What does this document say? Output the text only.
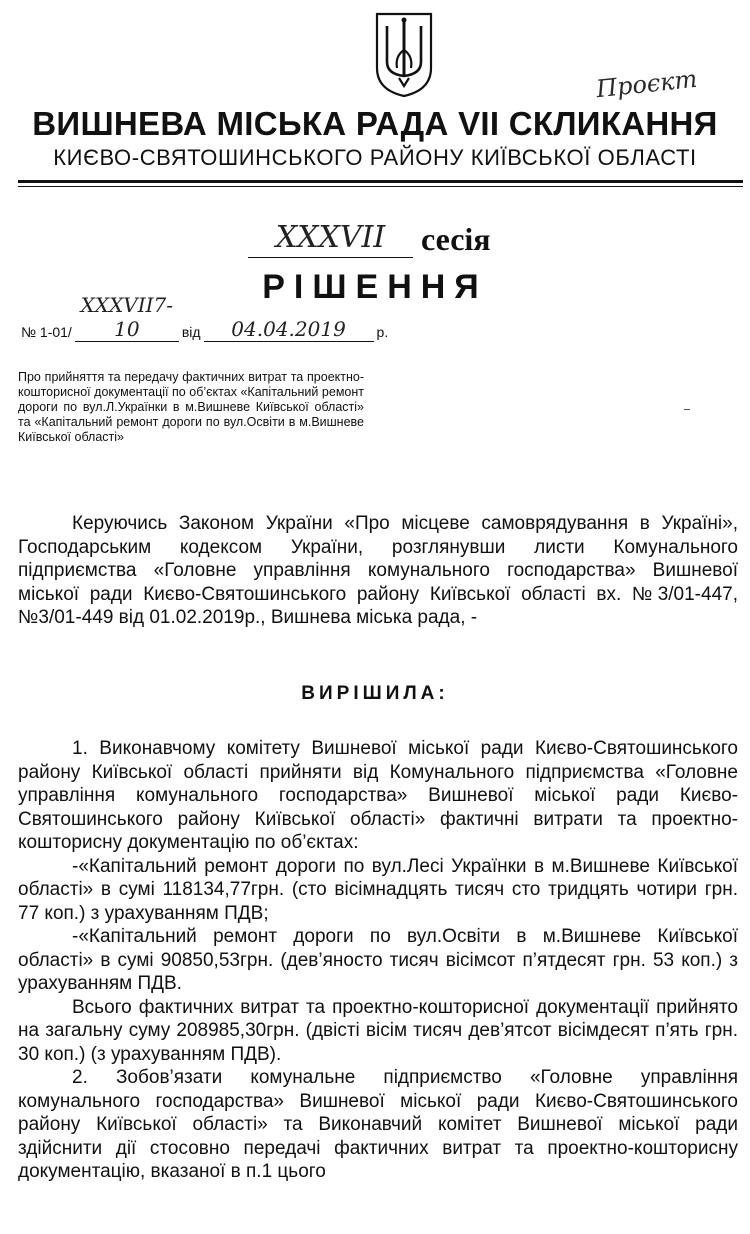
Проєкт
ВИШНЕВА МІСЬКА РАДА VII СКЛИКАННЯ
КИЄВО-СВЯТОШИНСЬКОГО РАЙОНУ КИЇВСЬКОЇ ОБЛАСТІ
XXXVII	сесія
РІШЕННЯ
№ 1-01/
XXXVII7-10	від	04.04.2019	р.
Про прийняття та передачу фактичних витрат та проектно-кошторисної документації по об’єктах «Капітальний ремонт дороги по вул.Л.Українки в м.Вишневе Київської області» та «Капітальний ремонт дороги по вул.Освіти в м.Вишневе Київської області»

Керуючись Законом України «Про місцеве самоврядування в Україні», Господарським кодексом України, розглянувши листи Комунального підприємства «Головне управління комунального господарства» Вишневої міської ради Києво-Святошинського району Київської області вх. №3/01-447, №3/01-449 від 01.02.2019р., Вишнева міська рада, -

ВИРІШИЛА:

1. Виконавчому комітету Вишневої міської ради Києво-Святошинського району Київської області прийняти від Комунального підприємства «Головне управління комунального господарства» Вишневої міської ради Києво-Святошинського району Київської області» фактичні витрати та проектно-кошторисну документацію по об’єктах:

-«Капітальний ремонт дороги по вул.Лесі Українки в м.Вишневе Київської області» в сумі 118134,77грн. (сто вісімнадцять тисяч сто тридцять чотири грн. 77 коп.) з урахуванням ПДВ;

-«Капітальний ремонт дороги по вул.Освіти в м.Вишневе Київської області» в сумі 90850,53грн. (дев’яносто тисяч вісімсот п’ятдесят грн. 53 коп.) з урахуванням ПДВ.

Всього фактичних витрат та проектно-кошторисної документації прийнято на загальну суму 208985,30грн. (двісті вісім тисяч дев’ятсот вісімдесят п’ять грн. 30 коп.) (з урахуванням ПДВ).

2. Зобов’язати комунальне підприємство «Головне управління комунального господарства» Вишневої міської ради Києво-Святошинського району Київської області» та Виконавчий комітет Вишневої міської ради здійснити дії стосовно передачі фактичних витрат та проектно-кошторисну документацію, вказаної в п.1 цього
